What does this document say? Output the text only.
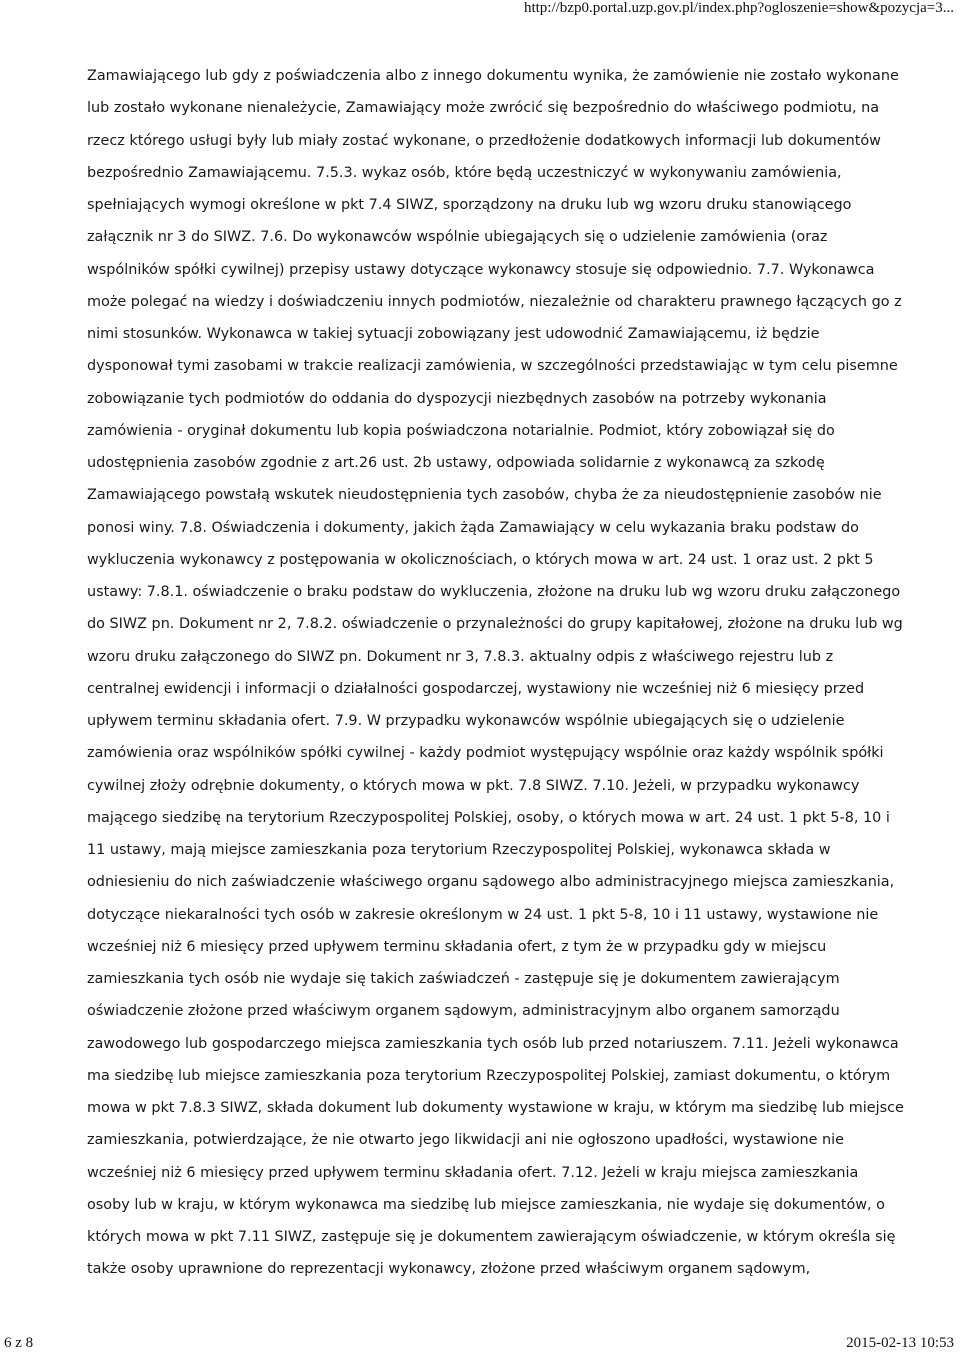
http://bzp0.portal.uzp.gov.pl/index.php?ogloszenie=show&pozycja=3...
Zamawiającego lub gdy z poświadczenia albo z innego dokumentu wynika, że zamówienie nie zostało wykonane
lub zostało wykonane nienależycie, Zamawiający może zwrócić się bezpośrednio do właściwego podmiotu, na
rzecz którego usługi były lub miały zostać wykonane, o przedłożenie dodatkowych informacji lub dokumentów
bezpośrednio Zamawiającemu. 7.5.3. wykaz osób, które będą uczestniczyć w wykonywaniu zamówienia,
spełniających wymogi określone w pkt 7.4 SIWZ, sporządzony na druku lub wg wzoru druku stanowiącego
załącznik nr 3 do SIWZ. 7.6. Do wykonawców wspólnie ubiegających się o udzielenie zamówienia (oraz
wspólników spółki cywilnej) przepisy ustawy dotyczące wykonawcy stosuje się odpowiednio. 7.7. Wykonawca
może polegać na wiedzy i doświadczeniu innych podmiotów, niezależnie od charakteru prawnego łączących go z
nimi stosunków. Wykonawca w takiej sytuacji zobowiązany jest udowodnić Zamawiającemu, iż będzie
dysponował tymi zasobami w trakcie realizacji zamówienia, w szczególności przedstawiając w tym celu pisemne
zobowiązanie tych podmiotów do oddania do dyspozycji niezbędnych zasobów na potrzeby wykonania
zamówienia - oryginał dokumentu lub kopia poświadczona notarialnie. Podmiot, który zobowiązał się do
udostępnienia zasobów zgodnie z art.26 ust. 2b ustawy, odpowiada solidarnie z wykonawcą za szkodę
Zamawiającego powstałą wskutek nieudostępnienia tych zasobów, chyba że za nieudostępnienie zasobów nie
ponosi winy. 7.8. Oświadczenia i dokumenty, jakich żąda Zamawiający w celu wykazania braku podstaw do
wykluczenia wykonawcy z postępowania w okolicznościach, o których mowa w art. 24 ust. 1 oraz ust. 2 pkt 5
ustawy: 7.8.1. oświadczenie o braku podstaw do wykluczenia, złożone na druku lub wg wzoru druku załączonego
do SIWZ pn. Dokument nr 2, 7.8.2. oświadczenie o przynależności do grupy kapitałowej, złożone na druku lub wg
wzoru druku załączonego do SIWZ pn. Dokument nr 3, 7.8.3. aktualny odpis z właściwego rejestru lub z
centralnej ewidencji i informacji o działalności gospodarczej, wystawiony nie wcześniej niż 6 miesięcy przed
upływem terminu składania ofert. 7.9. W przypadku wykonawców wspólnie ubiegających się o udzielenie
zamówienia oraz wspólników spółki cywilnej - każdy podmiot występujący wspólnie oraz każdy wspólnik spółki
cywilnej złoży odrębnie dokumenty, o których mowa w pkt. 7.8 SIWZ. 7.10. Jeżeli, w przypadku wykonawcy
mającego siedzibę na terytorium Rzeczypospolitej Polskiej, osoby, o których mowa w art. 24 ust. 1 pkt 5-8, 10 i
11 ustawy, mają miejsce zamieszkania poza terytorium Rzeczypospolitej Polskiej, wykonawca składa w
odniesieniu do nich zaświadczenie właściwego organu sądowego albo administracyjnego miejsca zamieszkania,
dotyczące niekaralności tych osób w zakresie określonym w 24 ust. 1 pkt 5-8, 10 i 11 ustawy, wystawione nie
wcześniej niż 6 miesięcy przed upływem terminu składania ofert, z tym że w przypadku gdy w miejscu
zamieszkania tych osób nie wydaje się takich zaświadczeń - zastępuje się je dokumentem zawierającym
oświadczenie złożone przed właściwym organem sądowym, administracyjnym albo organem samorządu
zawodowego lub gospodarczego miejsca zamieszkania tych osób lub przed notariuszem. 7.11. Jeżeli wykonawca
ma siedzibę lub miejsce zamieszkania poza terytorium Rzeczypospolitej Polskiej, zamiast dokumentu, o którym
mowa w pkt 7.8.3 SIWZ, składa dokument lub dokumenty wystawione w kraju, w którym ma siedzibę lub miejsce
zamieszkania, potwierdzające, że nie otwarto jego likwidacji ani nie ogłoszono upadłości, wystawione nie
wcześniej niż 6 miesięcy przed upływem terminu składania ofert. 7.12. Jeżeli w kraju miejsca zamieszkania
osoby lub w kraju, w którym wykonawca ma siedzibę lub miejsce zamieszkania, nie wydaje się dokumentów, o
których mowa w pkt 7.11 SIWZ, zastępuje się je dokumentem zawierającym oświadczenie, w którym określa się
także osoby uprawnione do reprezentacji wykonawcy, złożone przed właściwym organem sądowym,
6 z 8	2015-02-13 10:53
